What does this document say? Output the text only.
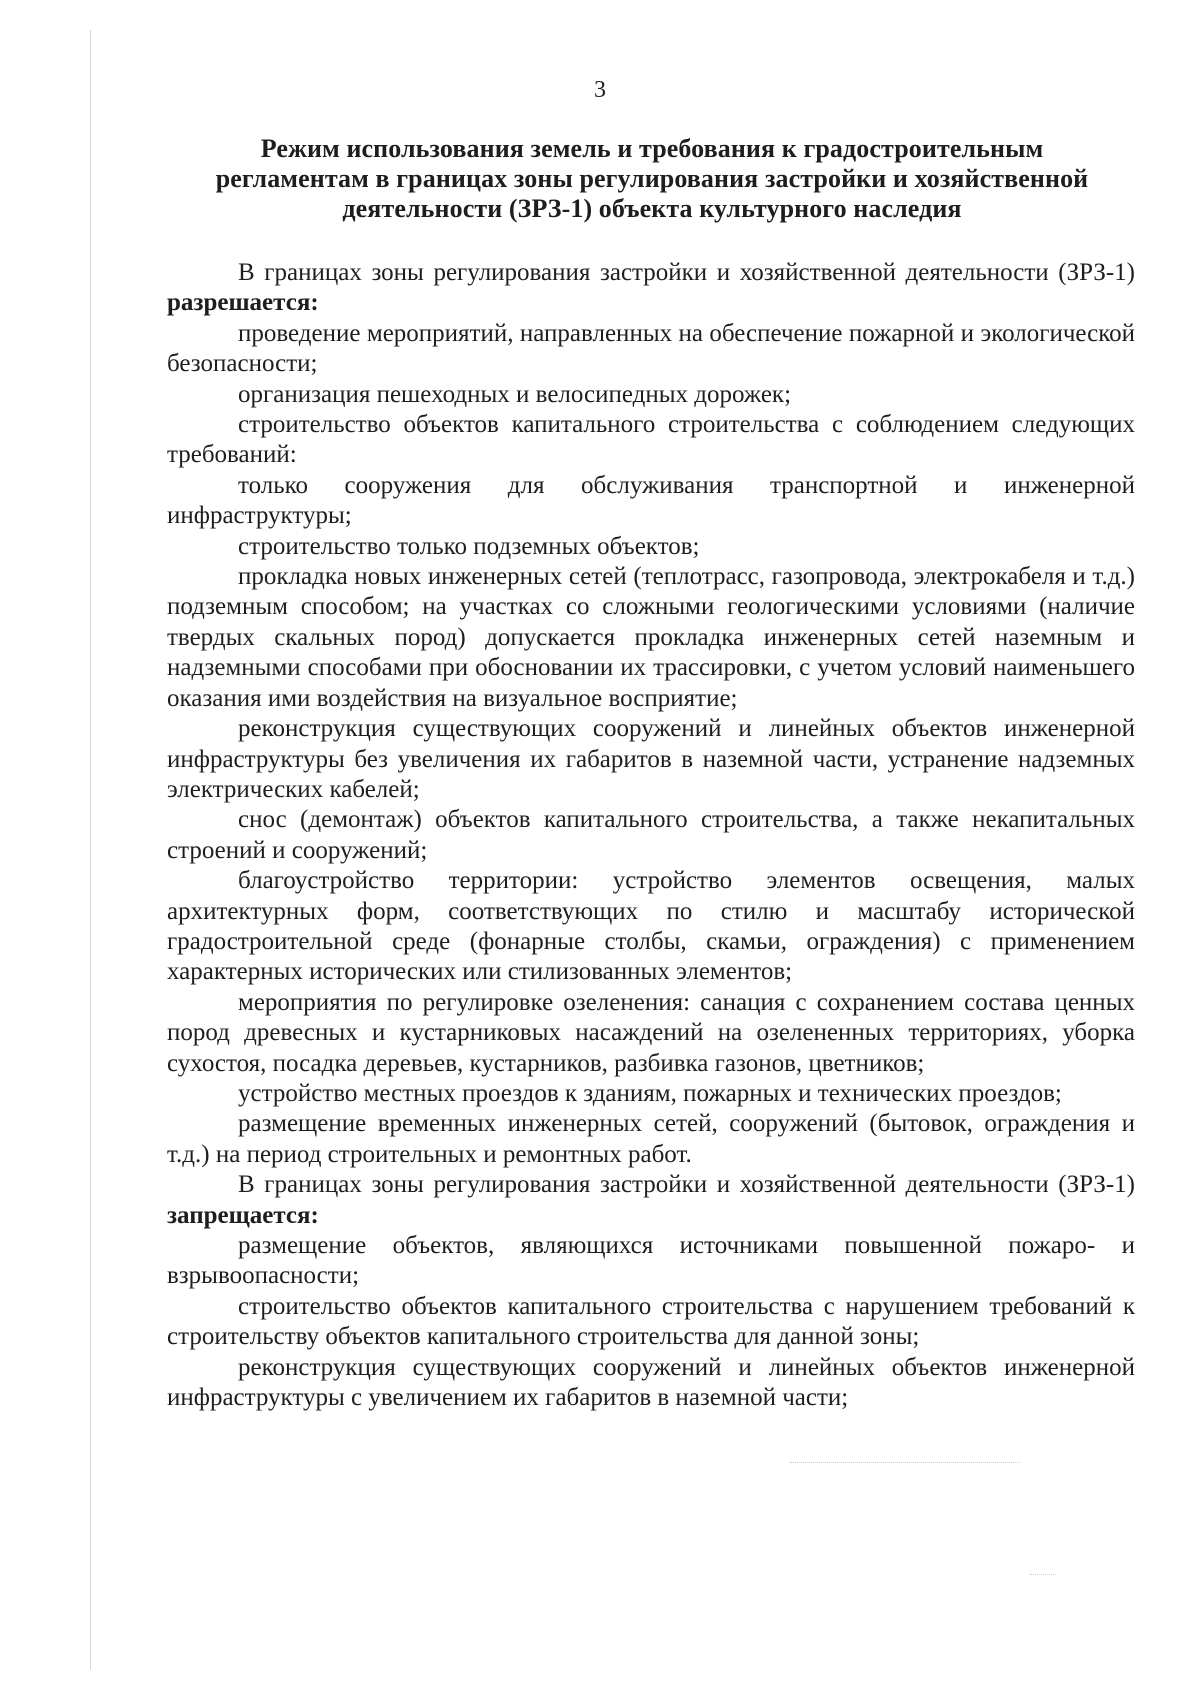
3
Режим использования земель и требования к градостроительным
регламентам в границах зоны регулирования застройки и хозяйственной
деятельности (ЗРЗ-1) объекта культурного наследия

В границах зоны регулирования застройки и хозяйственной деятельности (ЗРЗ-1) разрешается:

проведение мероприятий, направленных на обеспечение пожарной и экологической безопасности;

организация пешеходных и велосипедных дорожек;

строительство объектов капитального строительства с соблюдением следующих требований:

только сооружения для обслуживания транспортной и инженерной инфраструктуры;

строительство только подземных объектов;

прокладка новых инженерных сетей (теплотрасс, газопровода, электрокабеля и т.д.) подземным способом; на участках со сложными геологическими условиями (наличие твердых скальных пород) допускается прокладка инженерных сетей наземным и надземными способами при обосновании их трассировки, с учетом условий наименьшего оказания ими воздействия на визуальное восприятие;

реконструкция существующих сооружений и линейных объектов инженерной инфраструктуры без увеличения их габаритов в наземной части, устранение надземных электрических кабелей;

снос (демонтаж) объектов капитального строительства, а также некапитальных строений и сооружений;

благоустройство территории: устройство элементов освещения, малых архитектурных форм, соответствующих по стилю и масштабу исторической градостроительной среде (фонарные столбы, скамьи, ограждения) с применением характерных исторических или стилизованных элементов;

мероприятия по регулировке озеленения: санация с сохранением состава ценных пород древесных и кустарниковых насаждений на озелененных территориях, уборка сухостоя, посадка деревьев, кустарников, разбивка газонов, цветников;

устройство местных проездов к зданиям, пожарных и технических проездов;

размещение временных инженерных сетей, сооружений (бытовок, ограждения и т.д.) на период строительных и ремонтных работ.

В границах зоны регулирования застройки и хозяйственной деятельности (ЗРЗ-1) запрещается:

размещение объектов, являющихся источниками повышенной пожаро- и взрывоопасности;

строительство объектов капитального строительства с нарушением требований к строительству объектов капитального строительства для данной зоны;

реконструкция существующих сооружений и линейных объектов инженерной инфраструктуры с увеличением их габаритов в наземной части;
